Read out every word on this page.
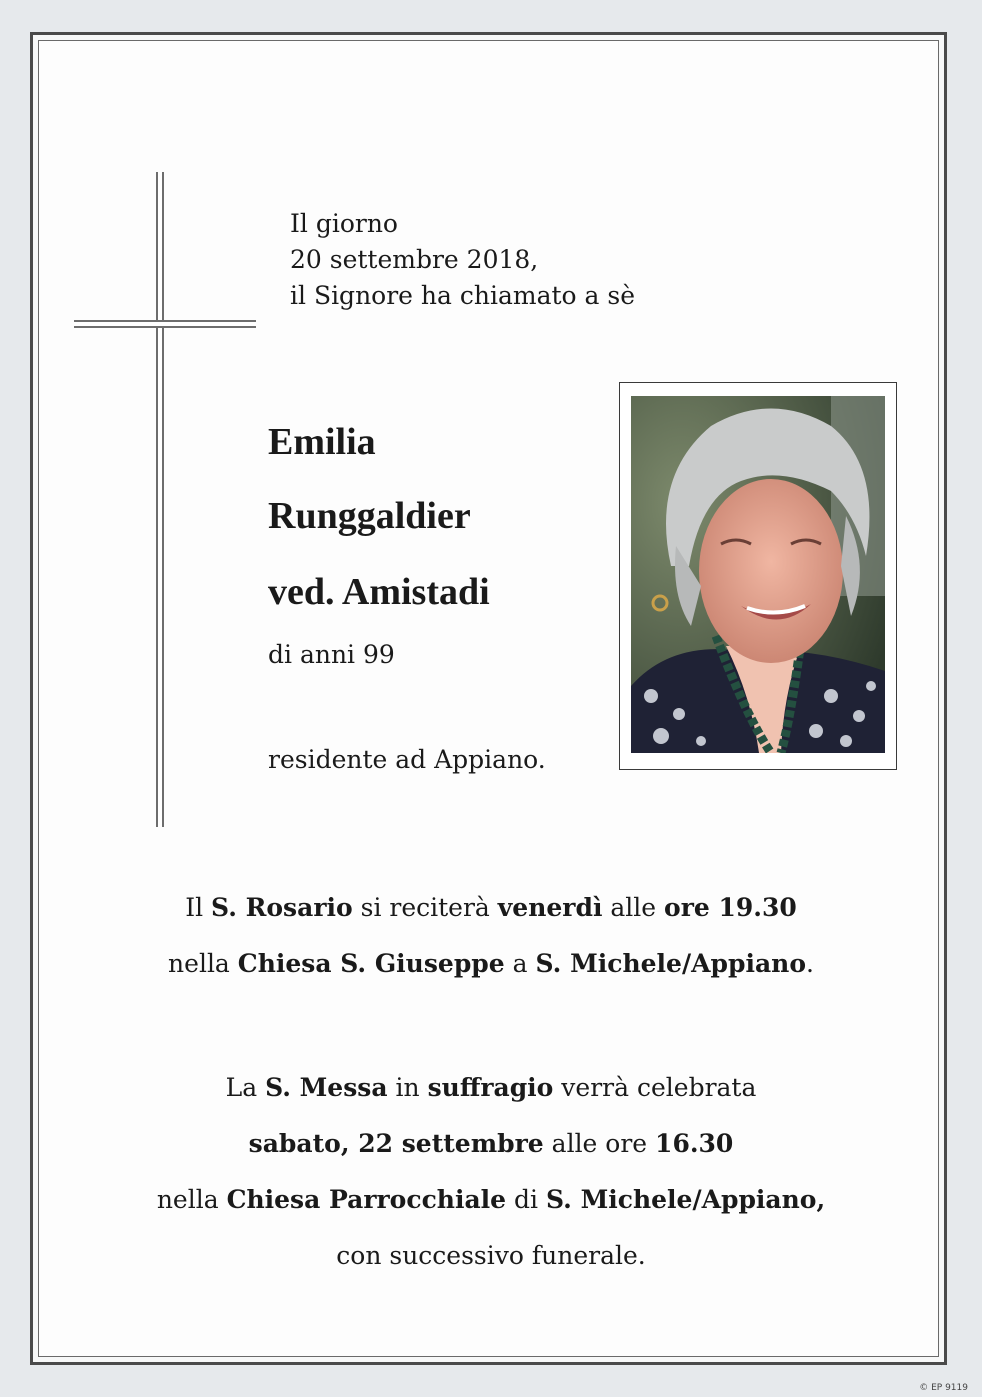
Il giorno
20 settembre 2018,
il Signore ha chiamato a sè
Emilia
Runggaldier
ved. Amistadi
di anni 99
residente ad Appiano.
Il S. Rosario si reciterà venerdì alle ore 19.30
nella Chiesa S. Giuseppe a S. Michele/Appiano.
La S. Messa in suffragio verrà celebrata
sabato, 22 settembre alle ore 16.30
nella Chiesa Parrocchiale di S. Michele/Appiano,
con successivo funerale.
© EP 9119
